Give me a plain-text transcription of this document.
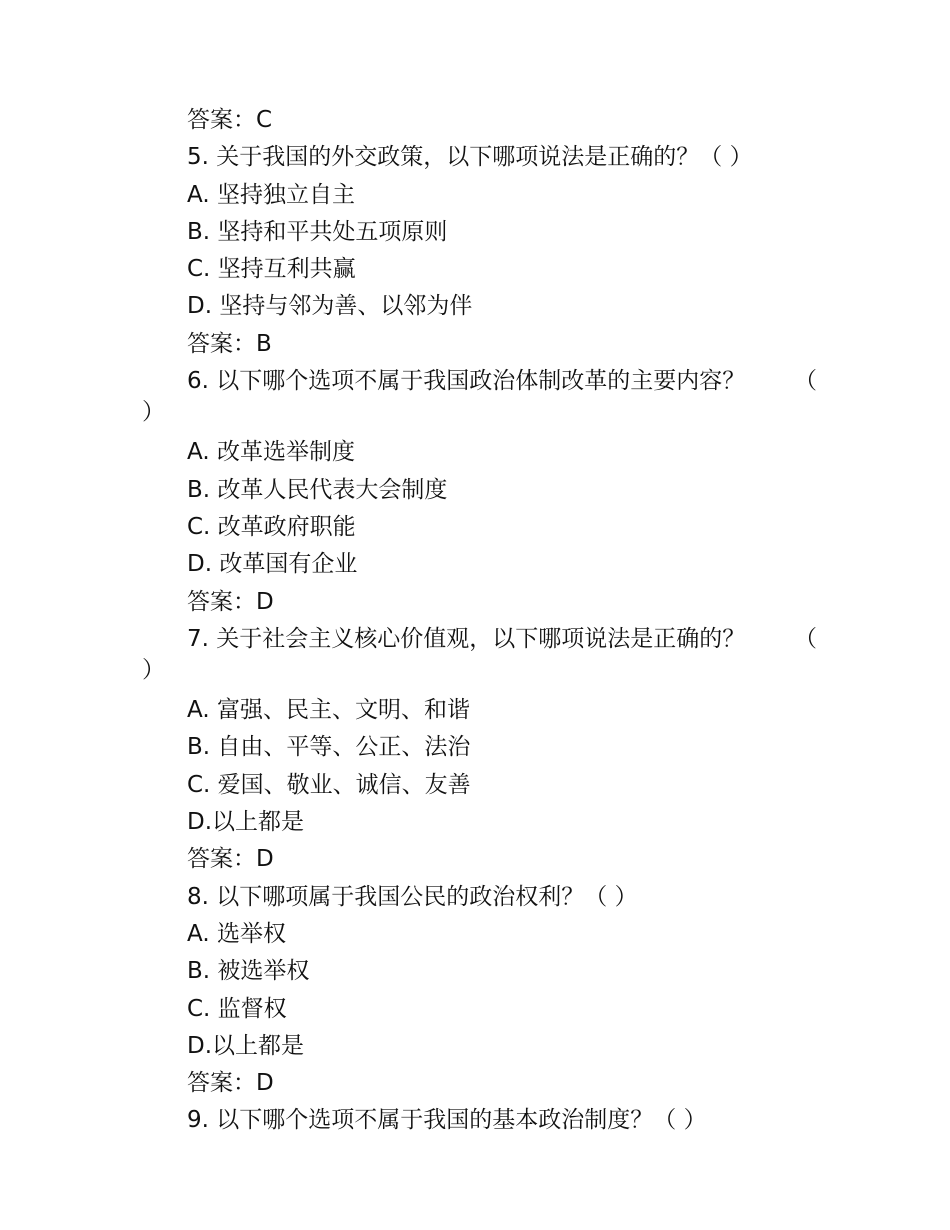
答案：C
5. 关于我国的外交政策，以下哪项说法是正确的？（ ）
A. 坚持独立自主
B. 坚持和平共处五项原则
C. 坚持互利共赢
D. 坚持与邻为善、以邻为伴
答案：B
6. 以下哪个选项不属于我国政治体制改革的主要内容？ （
）
A. 改革选举制度
B. 改革人民代表大会制度
C. 改革政府职能
D. 改革国有企业
答案：D
7. 关于社会主义核心价值观，以下哪项说法是正确的？ （
）
A. 富强、民主、文明、和谐
B. 自由、平等、公正、法治
C. 爱国、敬业、诚信、友善
D.以上都是
答案：D
8. 以下哪项属于我国公民的政治权利？（ ）
A. 选举权
B. 被选举权
C. 监督权
D.以上都是
答案：D
9. 以下哪个选项不属于我国的基本政治制度？（ ）
